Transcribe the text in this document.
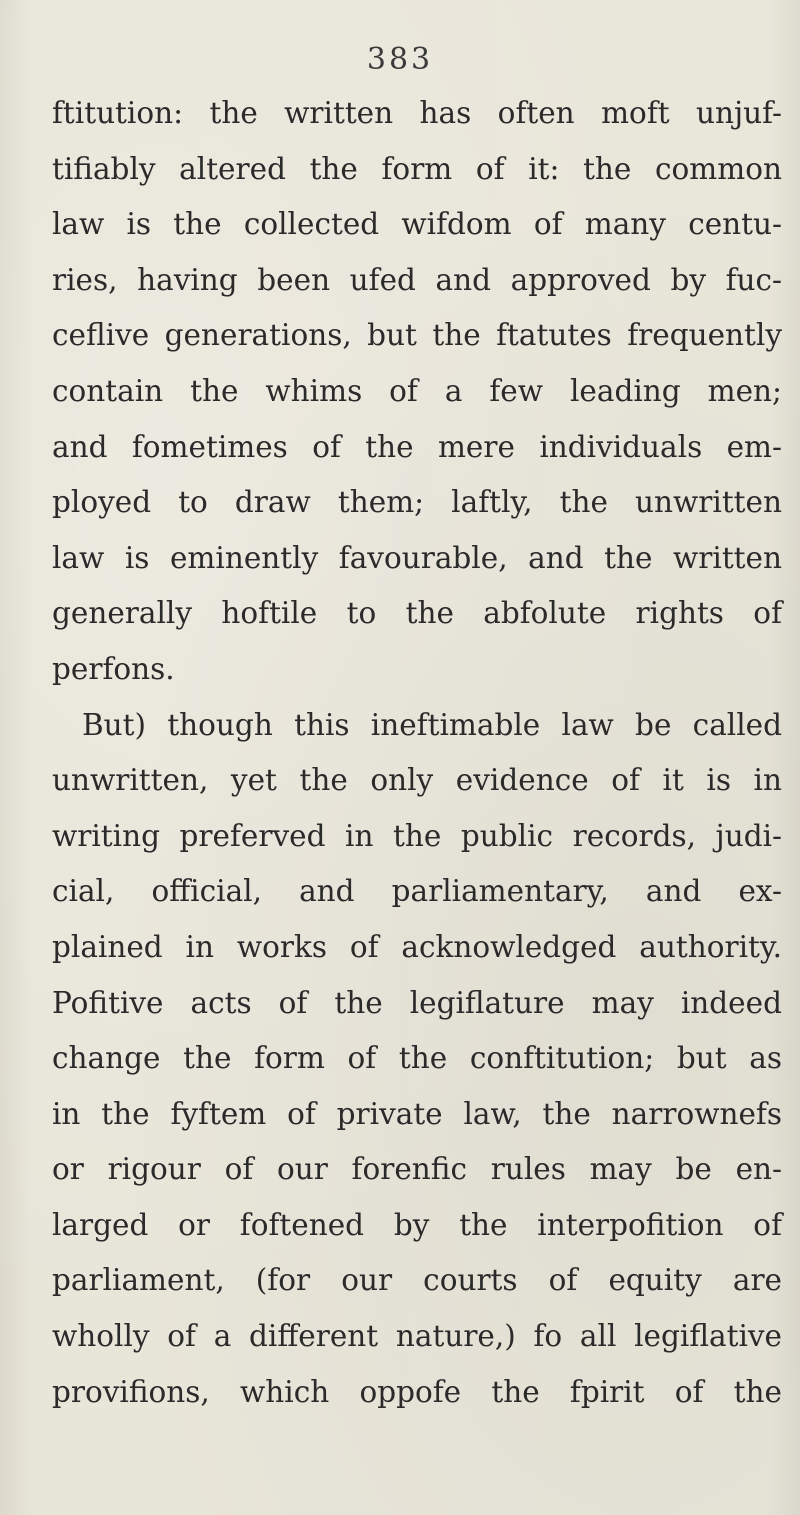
383
ftitution: the written has often moft unjuf-
tifiably altered the form of it: the common
law is the collected wifdom of many centu-
ries, having been ufed and approved by fuc-
ceflive generations, but the ftatutes frequently
contain the whims of a few leading men;
and fometimes of the mere individuals em-
ployed to draw them; laftly, the unwritten
law is eminently favourable, and the written
generally hoftile to the abfolute rights of
perfons.
But) though this ineftimable law be called
unwritten, yet the only evidence of it is in
writing preferved in the public records, judi-
cial, official, and parliamentary, and ex-
plained in works of acknowledged authority.
Pofitive acts of the legiflature may indeed
change the form of the conftitution; but as
in the fyftem of private law, the narrownefs
or rigour of our forenfic rules may be en-
larged or foftened by the interpofition of
parliament, (for our courts of equity are
wholly of a different nature,) fo all legiflative
provifions, which oppofe the fpirit of the
